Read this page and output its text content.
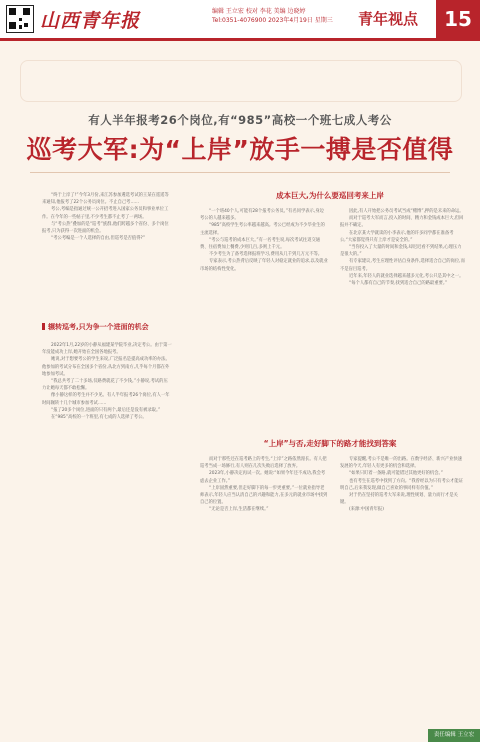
山西青年报	编辑 王立宏 校对 李花 美编 边晓婷
Tel:0351-4076900 2023年4月19日 星期三 青年视点	15
有人半年报考26个岗位,有“985”高校一个班七成人考公
巡考大军:为“上岸”放手一搏是否值得

“终于上岸了!”今年3月份,来江苏参加遴选考试的王某在遥遥等来通知,他报考了22个公务员岗位。不止自己考……

考公,考编是指通过统一公开招考进入国家公务员和事业单位工作。在今年的一些帖子里,不少考生都不止考了一两场。

与“考公热”叠加的是“巡考”族群,他们跨越多个省份、多个岗位报考,只为获得一次进面的机会。

“考公考编是一个人选择的自由,但巡考是否值得?”

成本巨大,为什么要巡回考来上岸

“一个班40个人,可能有28个报考公务员。”有名同学表示,身边考公的人越来越多。

“985”高校学生考公率越来越高。考公已经成为不少毕业生的主流选择。

“考公与巡考的成本巨大。”有一名考生说,每次考试往返交通费、住宿费加上餐费,少则几百,多则上千元。

不少考生为了备考选择报班学习,费用从几千到几万元不等。

专家表示,考公热背后反映了年轻人对稳定就业的追求,以及就业市场的结构性变化。

因此,有人开始把公务员考试当成“赌博”,押的是未来的命运。

而对于巡考大军而言,投入的时间、精力和金钱成本巨大,但回报并不确定。

在北京某大学就读的小李表示,他的许多同学都在准备考公,“大家都觉得只有上岸才是安全的。”

“当你投入了大量的时间和金钱,却迟迟看不到结果,心理压力是很大的。”

有专家建议,考生应理性评估自身条件,选择适合自己的岗位,而不是盲目巡考。

近年来,年轻人的就业选择越来越多元化,考公只是其中之一。

“每个人都有自己的节奏,找到适合自己的路最重要。”

辗转巡考,只为争一个进面的机会

2022年1月,22岁的小静从福建某学院毕业,决定考公。由于第一年没能成功上岸,她开始在全国各地报考。

她说,对于想要考公的学生来说,广泛报名是提高成功率的办法。他参加的考试分布在全国多个省份,从北方到南方,几乎每个月都在外地参加考试。

“我总共考了二十多场,仅路费就花了不少钱。”小静说,考试的压力让她每天都不敢松懈。

像小静这样的考生并不少见。有人半年报考26个岗位,有人一年时间辗转十几个城市参加考试……

“报了20多个岗位,进面的只有两个,最后还是没有被录取。”

在“985”高校的一个班里,有七成的人选择了考公。

“上岸”与否,走好脚下的路才能找到答案

而对于那些还在巡考路上的考生,“上岸”之路依然漫长。有人把巡考当成一场修行,有人则在几次失败后选择了放弃。

2023年,小静决定再试一次。她说:“如果今年还不成功,我会考虑去企业工作。”

“上岸固然重要,但走好脚下的每一步更重要。”一位就业指导老师表示,年轻人应当认清自己的兴趣和能力,在多元的就业市场中找到自己的位置。

“无论是否上岸,生活都在继续。”

专家提醒,考公不是唯一的出路。在数字经济、新兴产业快速发展的今天,年轻人有更多的机会和选择。

“如果只盯着一条路,就可能错过其他更好的机会。”

也有考生在巡考中找到了方向。“我曾经以为只有考公才能证明自己,后来我发现,做自己喜欢的事同样有价值。”

对于仍在坚持的巡考大军来说,理性规划、量力而行才是关键。

(来源:中国青年报)

责任编辑 王立宏
